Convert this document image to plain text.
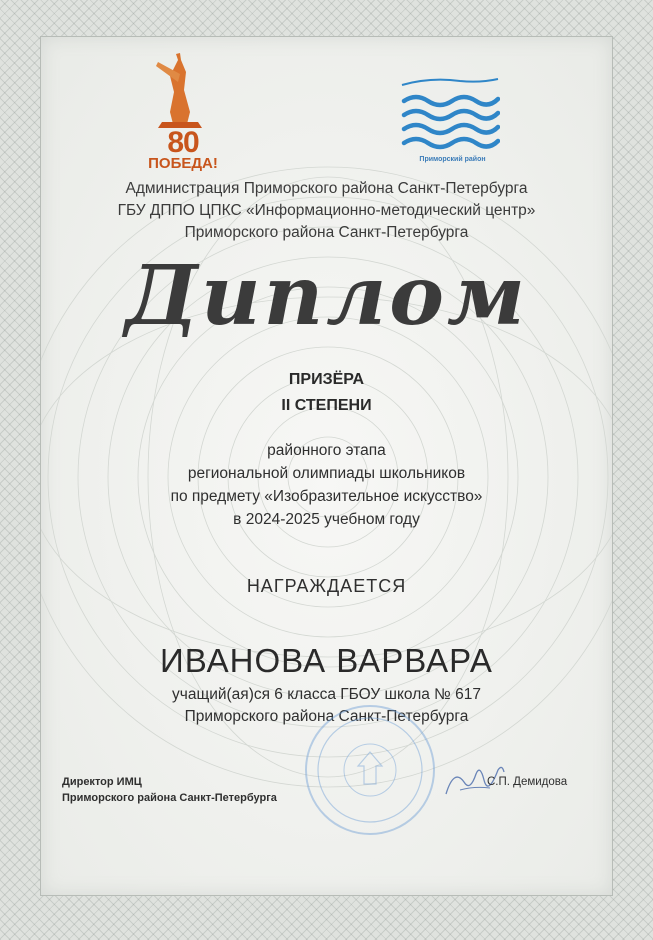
80
ПОБЕДА!	Приморский район
Администрация Приморского района Санкт-Петербурга
ГБУ ДППО ЦПКС «Информационно-методический центр»
Приморского района Санкт-Петербурга
Диплом
ПРИЗЁРА
II СТЕПЕНИ
районного этапа
региональной олимпиады школьников
по предмету «Изобразительное искусство»
в 2024-2025 учебном году
НАГРАЖДАЕТСЯ
ИВАНОВА ВАРВАРА
учащий(ая)ся 6 класса ГБОУ школа № 617
Приморского района Санкт-Петербурга
Директор ИМЦ
Приморского района Санкт-Петербурга
С.П. Демидова
